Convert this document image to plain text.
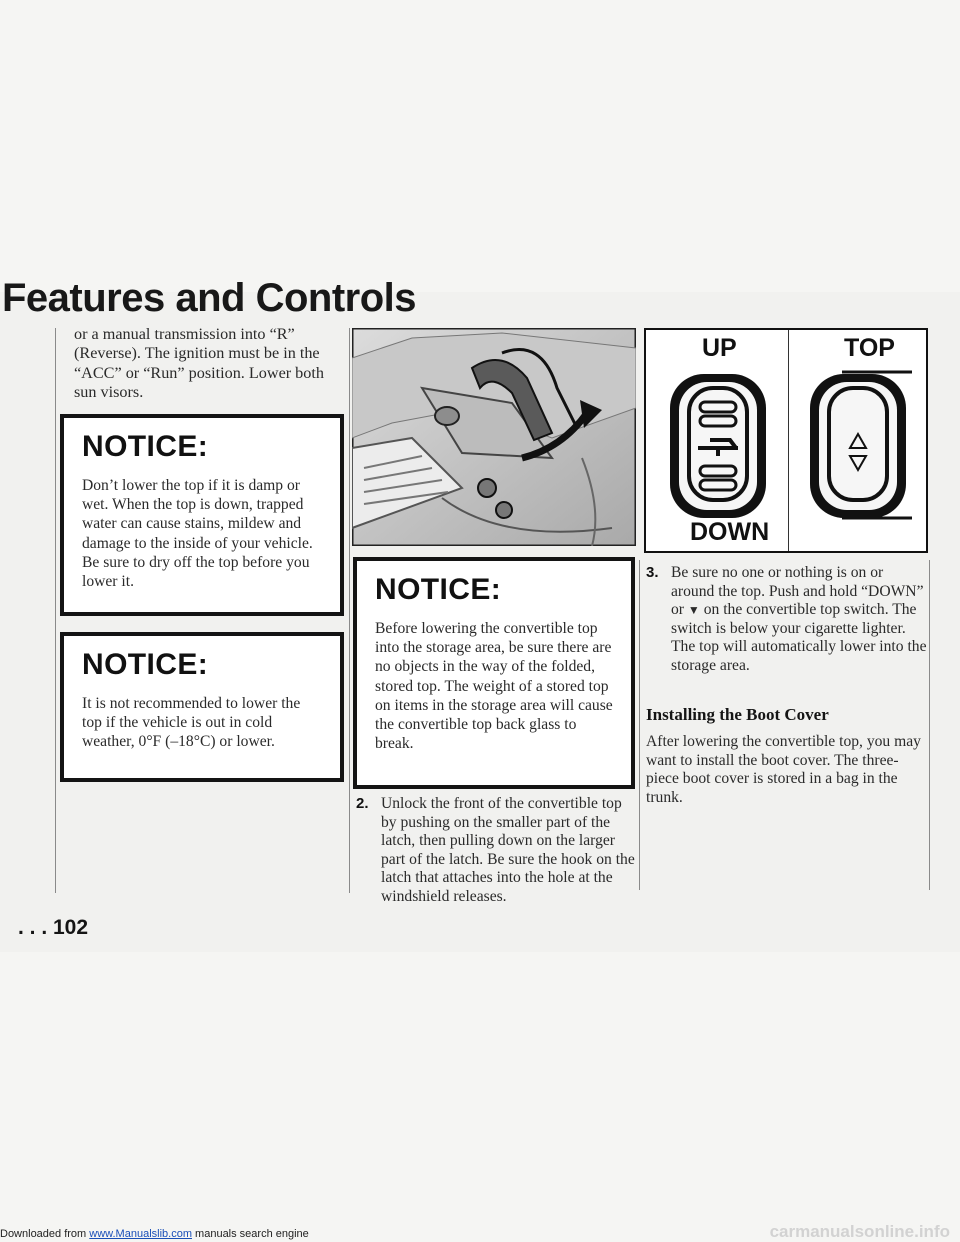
Features and Controls
or a manual transmission into “R” (Reverse). The ignition must be in the “ACC” or “Run” position. Lower both sun visors.
NOTICE:
Don’t lower the top if it is damp or wet. When the top is down, trapped water can cause stains, mildew and damage to the inside of your vehicle. Be sure to dry off the top before you lower it.
NOTICE:
It is not recommended to lower the top if the vehicle is out in cold weather, 0°F (–18°C) or lower.
. . . 102
NOTICE:
Before lowering the convertible top into the storage area, be sure there are no objects in the way of the folded, stored top. The weight of a stored top on items in the storage area will cause the convertible top back glass to break.
2. Unlock the front of the convertible top by pushing on the smaller part of the latch, then pulling down on the larger part of the latch. Be sure the hook on the latch that attaches into the hole at the windshield releases.
UP	TOP
DOWN
3. Be sure no one or nothing is on or around the top. Push and hold “DOWN” or ▼ on the convertible top switch. The switch is below your cigarette lighter. The top will automatically lower into the storage area.
Installing the Boot Cover
After lowering the convertible top, you may want to install the boot cover. The three-piece boot cover is stored in a bag in the trunk.
Downloaded from www.Manualslib.com manuals search engine	carmanualsonline.info
